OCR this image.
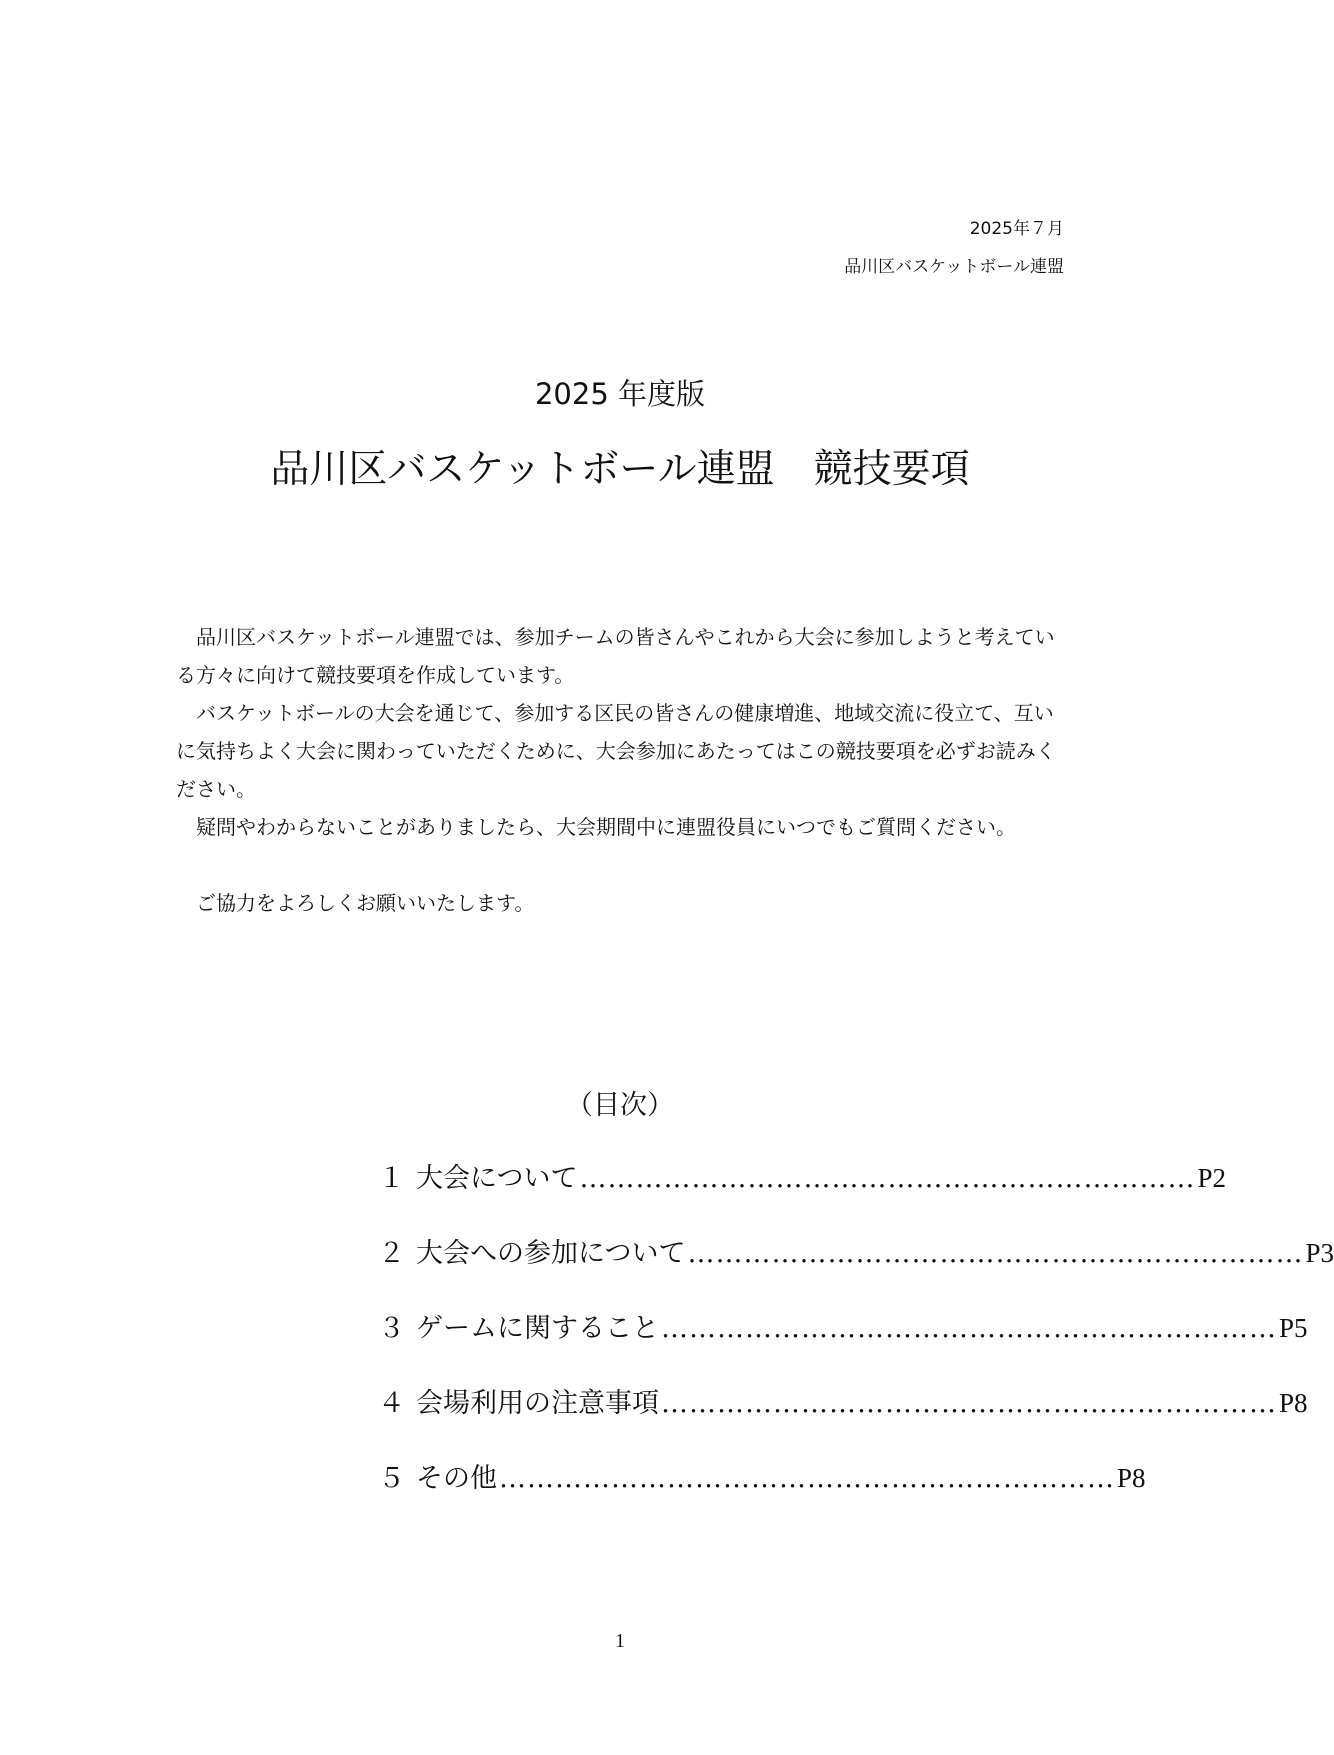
2025年７月
品川区バスケットボール連盟
2025 年度版
品川区バスケットボール連盟　競技要項

　品川区バスケットボール連盟では、参加チームの皆さんやこれから大会に参加しようと考えている方々に向けて競技要項を作成しています。

　バスケットボールの大会を通じて、参加する区民の皆さんの健康増進、地域交流に役立て、互いに気持ちよく大会に関わっていただくために、大会参加にあたってはこの競技要項を必ずお読みください。

　疑問やわからないことがありましたら、大会期間中に連盟役員にいつでもご質問ください。

　ご協力をよろしくお願いいたします。

（目次）
１ 大会について ………………………………………………………… P2
２ 大会への参加について ………………………………………………………… P3
３ ゲームに関すること ………………………………………………………… P5
４ 会場利用の注意事項 ………………………………………………………… P8
５ その他 ………………………………………………………… P8
1
